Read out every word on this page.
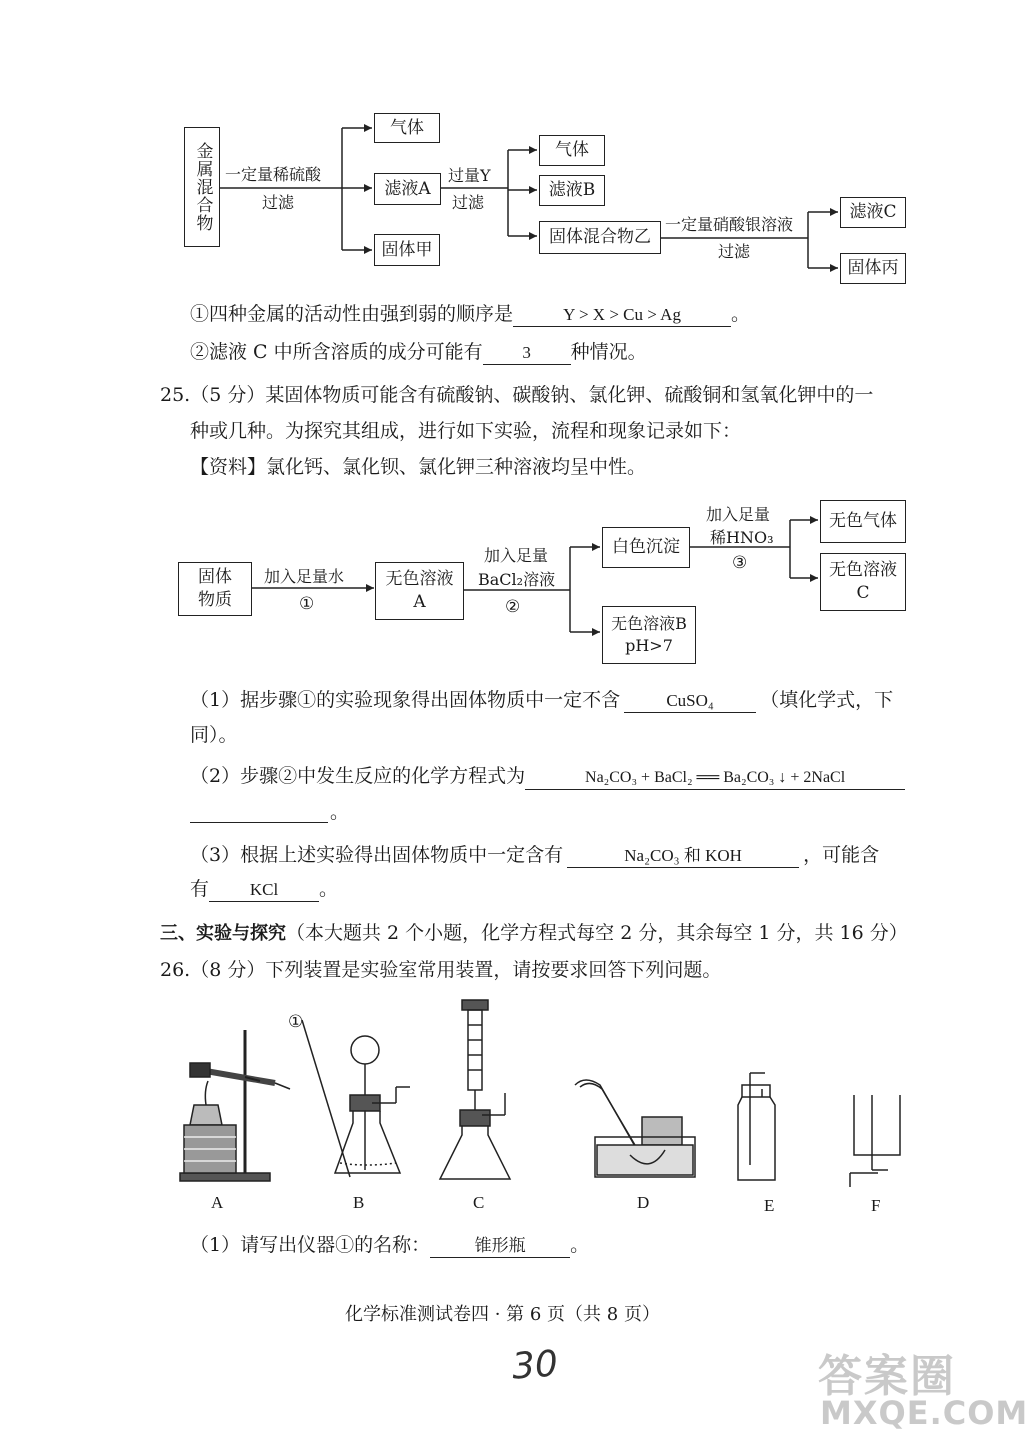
金属混合物 一定量稀硫酸
过滤
气体
滤液A
固体甲
过量Y
过滤
气体
滤液B
固体混合物乙
一定量硝酸银溶液
过滤
滤液C
固体丙
①四种金属的活动性由强到弱的顺序是	Y > X > Cu > Ag	。
②滤液 C 中所含溶质的成分可能有 3 种情况。
25.（5 分）某固体物质可能含有硫酸钠、碳酸钠、氯化钾、硫酸铜和氢氧化钾中的一
种或几种。为探究其组成，进行如下实验，流程和现象记录如下：
【资料】氯化钙、氯化钡、氯化钾三种溶液均呈中性。
固体
物质
加入足量水
①
无色溶液
A
加入足量
BaCl₂溶液
②
白色沉淀
无色溶液B
pH>7
加入足量
稀HNO₃
③
无色气体
无色溶液
C
（1）据步骤①的实验现象得出固体物质中一定不含	CuSO₄ （填化学式，下
同）。
（2）步骤②中发生反应的化学方程式为	Na₂CO₃ + BaCl₂ ══ Ba₂CO₃ ↓ + 2NaCl
。
（3）根据上述实验得出固体物质中一定含有	Na₂CO₃ 和 KOH	，可能含
有 KCl 。
三、实验与探究（本大题共 2 个小题，化学方程式每空 2 分，其余每空 1 分，共 16 分）
26.（8 分）下列装置是实验室常用装置，请按要求回答下列问题。
①
A	B	C	D	E	F
（1）请写出仪器①的名称：	锥形瓶 。
化学标准测试卷四 · 第 6 页（共 8 页）
30	答案圈
MXQE.COM
